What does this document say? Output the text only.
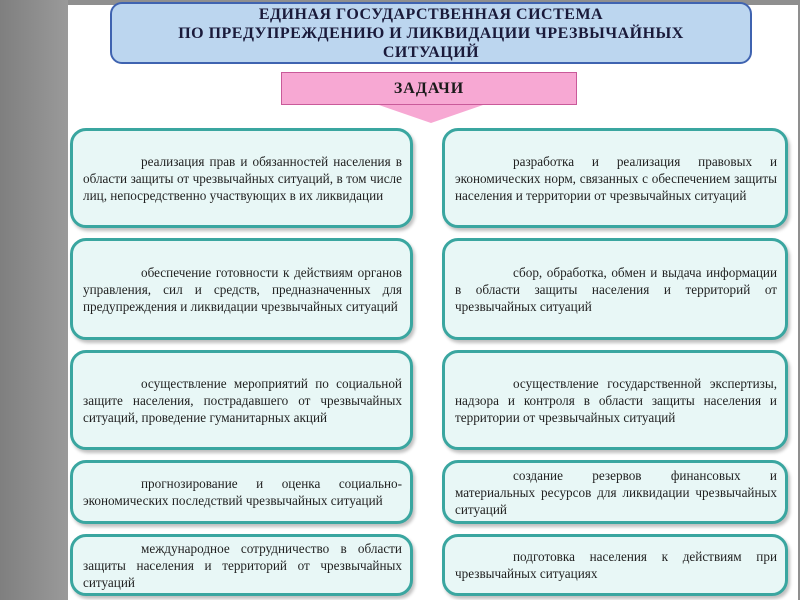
ЕДИНАЯ ГОСУДАРСТВЕННАЯ СИСТЕМА
ПО ПРЕДУПРЕЖДЕНИЮ И ЛИКВИДАЦИИ ЧРЕЗВЫЧАЙНЫХ
СИТУАЦИЙ
ЗАДАЧИ
реализация прав и обязанностей населения в области защиты от чрезвычайных ситуаций, в том числе лиц, непосредственно участвующих в их ликвидации
обеспечение готовности к действиям органов управления, сил и средств, предназначенных для предупреждения и ликвидации чрезвычайных ситуаций
осуществление мероприятий по социальной защите населения, пострадавшего от чрезвычайных ситуаций, проведение гуманитарных акций
прогнозирование и оценка социально-экономических последствий чрезвычайных ситуаций
международное сотрудничество в области защиты населения и территорий от чрезвычайных ситуаций
разработка и реализация правовых и экономических норм, связанных с обеспечением защиты населения и территории от чрезвычайных ситуаций
сбор, обработка, обмен и выдача информации в области защиты населения и территорий от чрезвычайных ситуаций
осуществление государственной экспертизы, надзора и контроля в области защиты населения и территории от чрезвычайных ситуаций
создание резервов финансовых и материальных ресурсов для ликвидации чрезвычайных ситуаций
подготовка населения к действиям при чрезвычайных ситуациях
